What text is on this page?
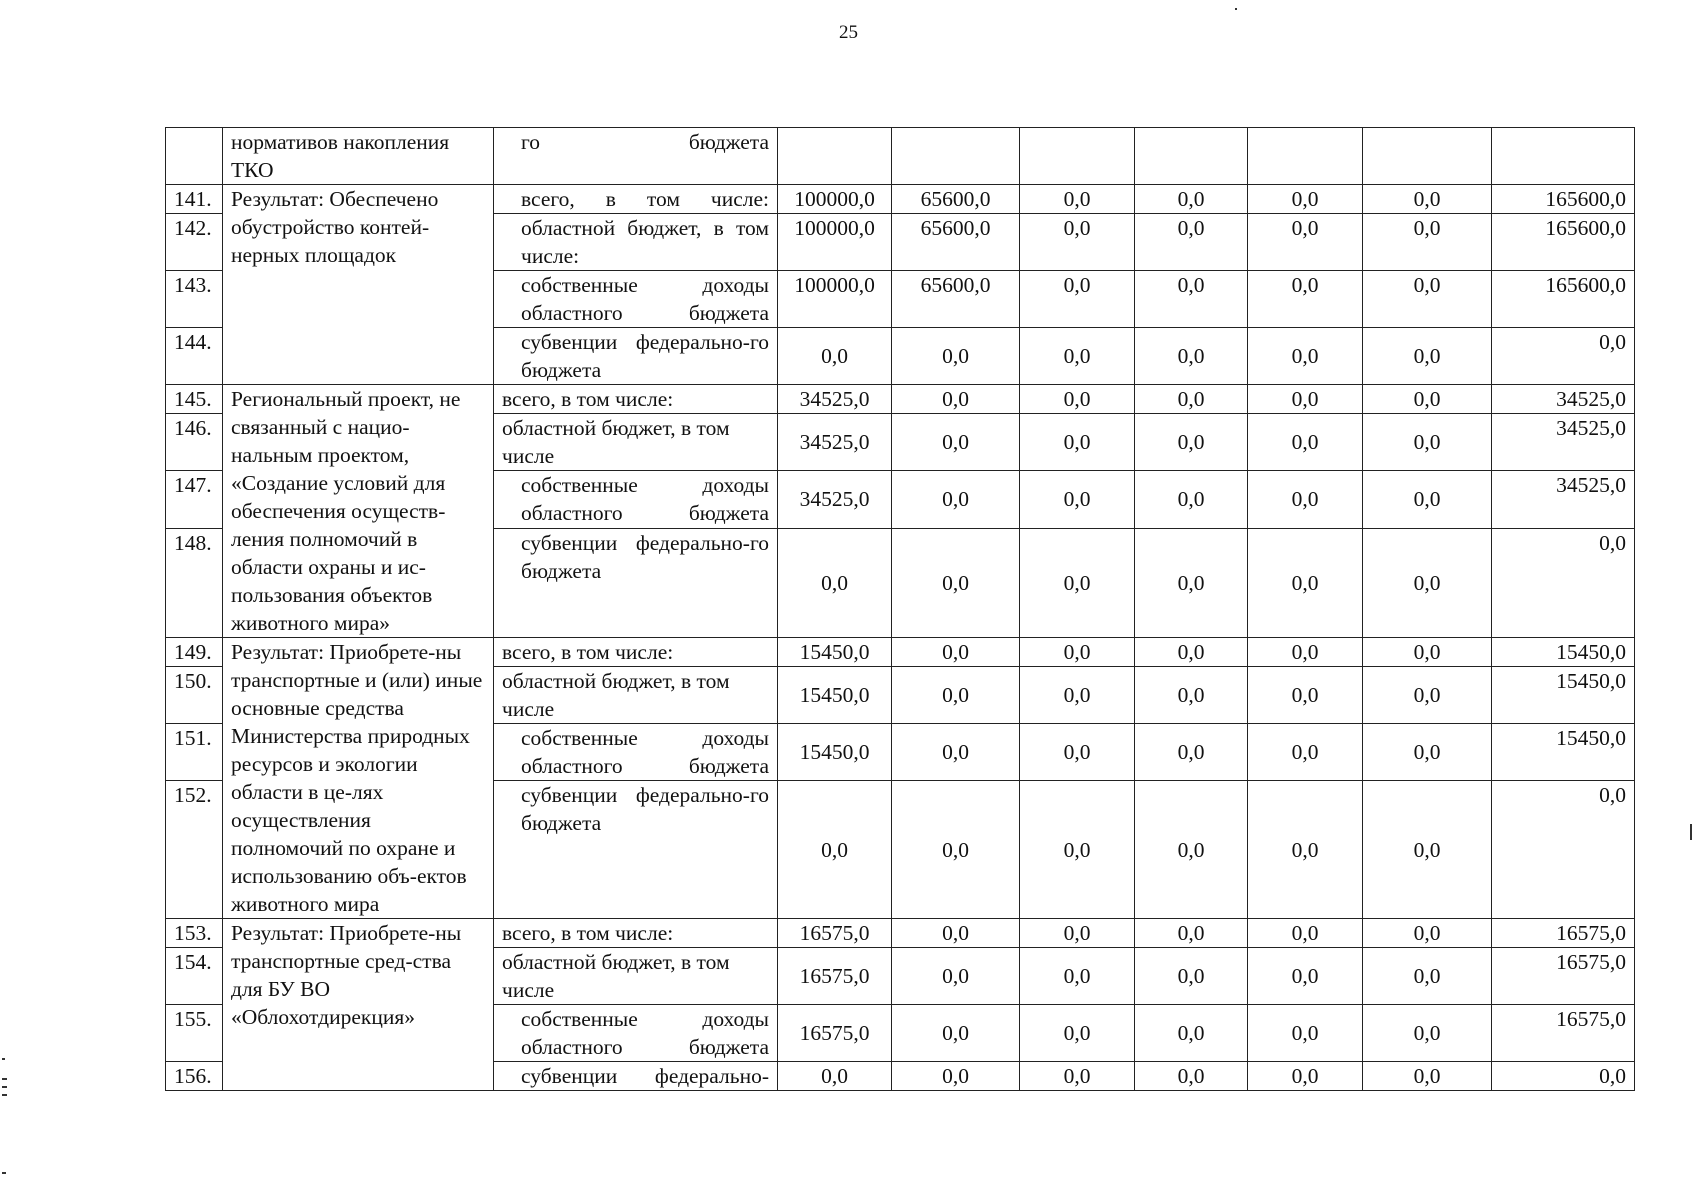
25
	нормативов накопления ТКО	го бюджета							
141.	Результат: Обеспечено обустройство контей-нерных площадок	всего, в том числе:	100000,0	65600,0	0,0	0,0	0,0	0,0	165600,0
142.		областной бюджет, в том числе:	100000,0	65600,0	0,0	0,0	0,0	0,0	165600,0
143.		собственные доходы областного бюджета	100000,0	65600,0	0,0	0,0	0,0	0,0	165600,0
144.		субвенции федерально-го бюджета	0,0	0,0	0,0	0,0	0,0	0,0	0,0
145.	Региональный проект, не связанный с нацио-нальным проектом, «Создание условий для обеспечения осуществ-ления полномочий в области охраны и ис-пользования объектов животного мира»	всего, в том числе:	34525,0	0,0	0,0	0,0	0,0	0,0	34525,0
146.		областной бюджет, в том числе	34525,0	0,0	0,0	0,0	0,0	0,0	34525,0
147.		собственные доходы областного бюджета	34525,0	0,0	0,0	0,0	0,0	0,0	34525,0
148.		субвенции федерально-го бюджета	0,0	0,0	0,0	0,0	0,0	0,0	0,0
149.	Результат: Приобрете-ны транспортные и (или) иные основные средства Министерства природных ресурсов и экологии области в це-лях осуществления полномочий по охране и использованию объ-ектов животного мира	всего, в том числе:	15450,0	0,0	0,0	0,0	0,0	0,0	15450,0
150.		областной бюджет, в том числе	15450,0	0,0	0,0	0,0	0,0	0,0	15450,0
151.		собственные доходы областного бюджета	15450,0	0,0	0,0	0,0	0,0	0,0	15450,0
152.		субвенции федерально-го бюджета	0,0	0,0	0,0	0,0	0,0	0,0	0,0
153.	Результат: Приобрете-ны транспортные сред-ства для БУ ВО «Облохотдирекция»	всего, в том числе:	16575,0	0,0	0,0	0,0	0,0	0,0	16575,0
154.		областной бюджет, в том числе	16575,0	0,0	0,0	0,0	0,0	0,0	16575,0
155.		собственные доходы областного бюджета	16575,0	0,0	0,0	0,0	0,0	0,0	16575,0
156.		субвенции федерально-	0,0	0,0	0,0	0,0	0,0	0,0	0,0
